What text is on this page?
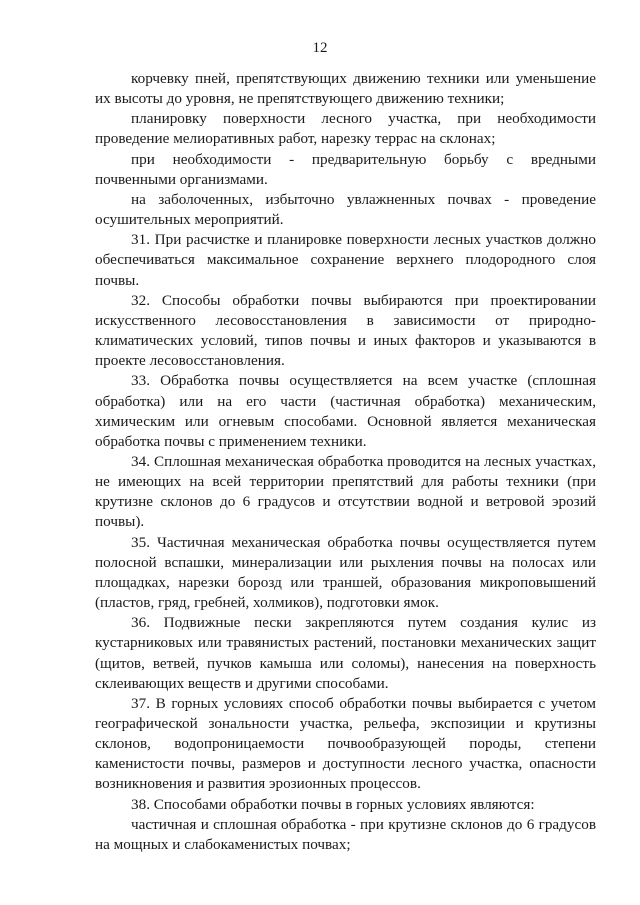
12

корчевку пней, препятствующих движению техники или уменьшение их высоты до уровня, не препятствующего движению техники;

планировку поверхности лесного участка, при необходимости проведение мелиоративных работ, нарезку террас на склонах;

при необходимости - предварительную борьбу с вредными почвенными организмами.

на заболоченных, избыточно увлажненных почвах - проведение осушительных мероприятий.

31. При расчистке и планировке поверхности лесных участков должно обеспечиваться максимальное сохранение верхнего плодородного слоя почвы.

32. Способы обработки почвы выбираются при проектировании искусственного лесовосстановления в зависимости от природно-климатических условий, типов почвы и иных факторов и указываются в проекте лесовосстановления.

33. Обработка почвы осуществляется на всем участке (сплошная обработка) или на его части (частичная обработка) механическим, химическим или огневым способами. Основной является механическая обработка почвы с применением техники.

34. Сплошная механическая обработка проводится на лесных участках, не имеющих на всей территории препятствий для работы техники (при крутизне склонов до 6 градусов и отсутствии водной и ветровой эрозий почвы).

35. Частичная механическая обработка почвы осуществляется путем полосной вспашки, минерализации или рыхления почвы на полосах или площадках, нарезки борозд или траншей, образования микроповышений (пластов, гряд, гребней, холмиков), подготовки ямок.

36. Подвижные пески закрепляются путем создания кулис из кустарниковых или травянистых растений, постановки механических защит (щитов, ветвей, пучков камыша или соломы), нанесения на поверхность склеивающих веществ и другими способами.

37. В горных условиях способ обработки почвы выбирается с учетом географической зональности участка, рельефа, экспозиции и крутизны склонов, водопроницаемости почвообразующей породы, степени каменистости почвы, размеров и доступности лесного участка, опасности возникновения и развития эрозионных процессов.

38. Способами обработки почвы в горных условиях являются:

частичная и сплошная обработка - при крутизне склонов до 6 градусов на мощных и слабокаменистых почвах;
